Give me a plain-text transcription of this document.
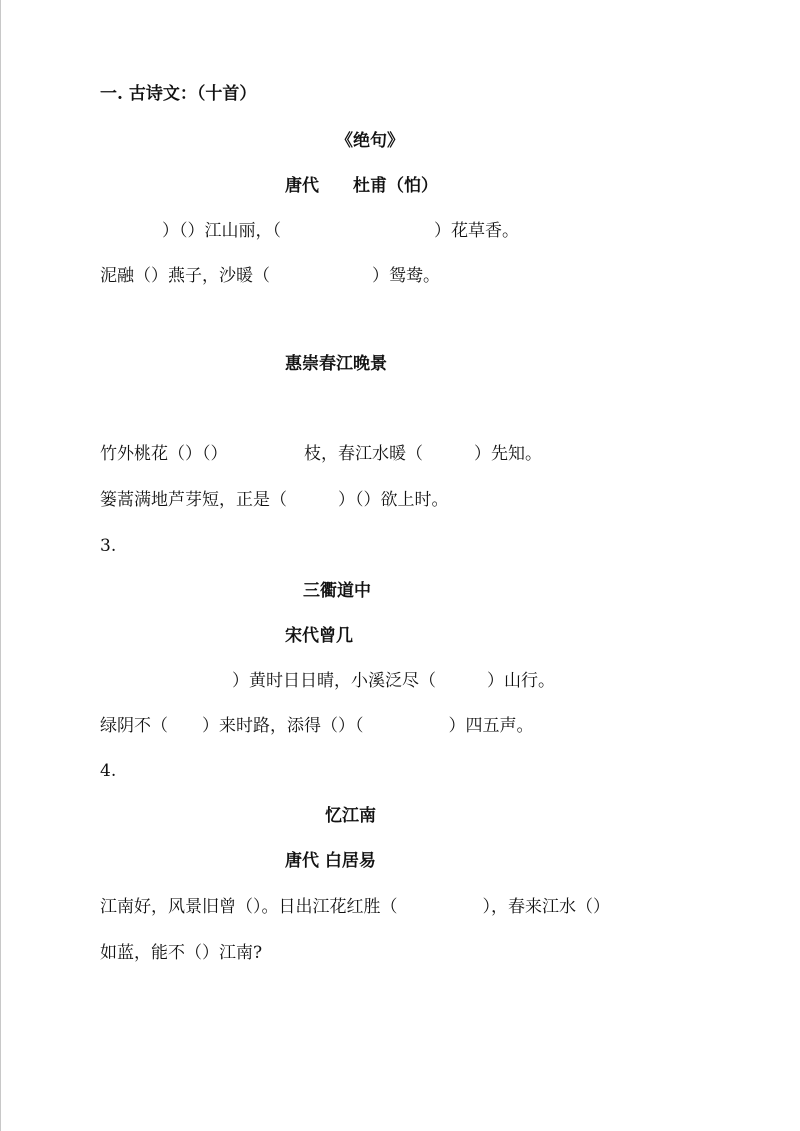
一. 古诗文：（十首）
《绝句》
唐代　　杜甫（怕）
）（）江山丽，（　　　　　　　　　）花草香。
泥融（）燕子，沙暖（　　　　　　）鸳鸯。
惠崇春江晚景
竹外桃花（）（）　　　　　枝，春江水暖（　　　）先知。
篓蒿满地芦芽短，正是（　　　）（）欲上时。
3.
三衢道中
宋代曾几
）黄时日日晴，小溪泛尽（　　　）山行。
绿阴不（　　）来时路，添得（）（　　　　　）四五声。
4.
忆江南
唐代 白居易
江南好，风景旧曾（）。日出江花红胜（　　　　　），春来江水（）
如蓝，能不（）江南?
